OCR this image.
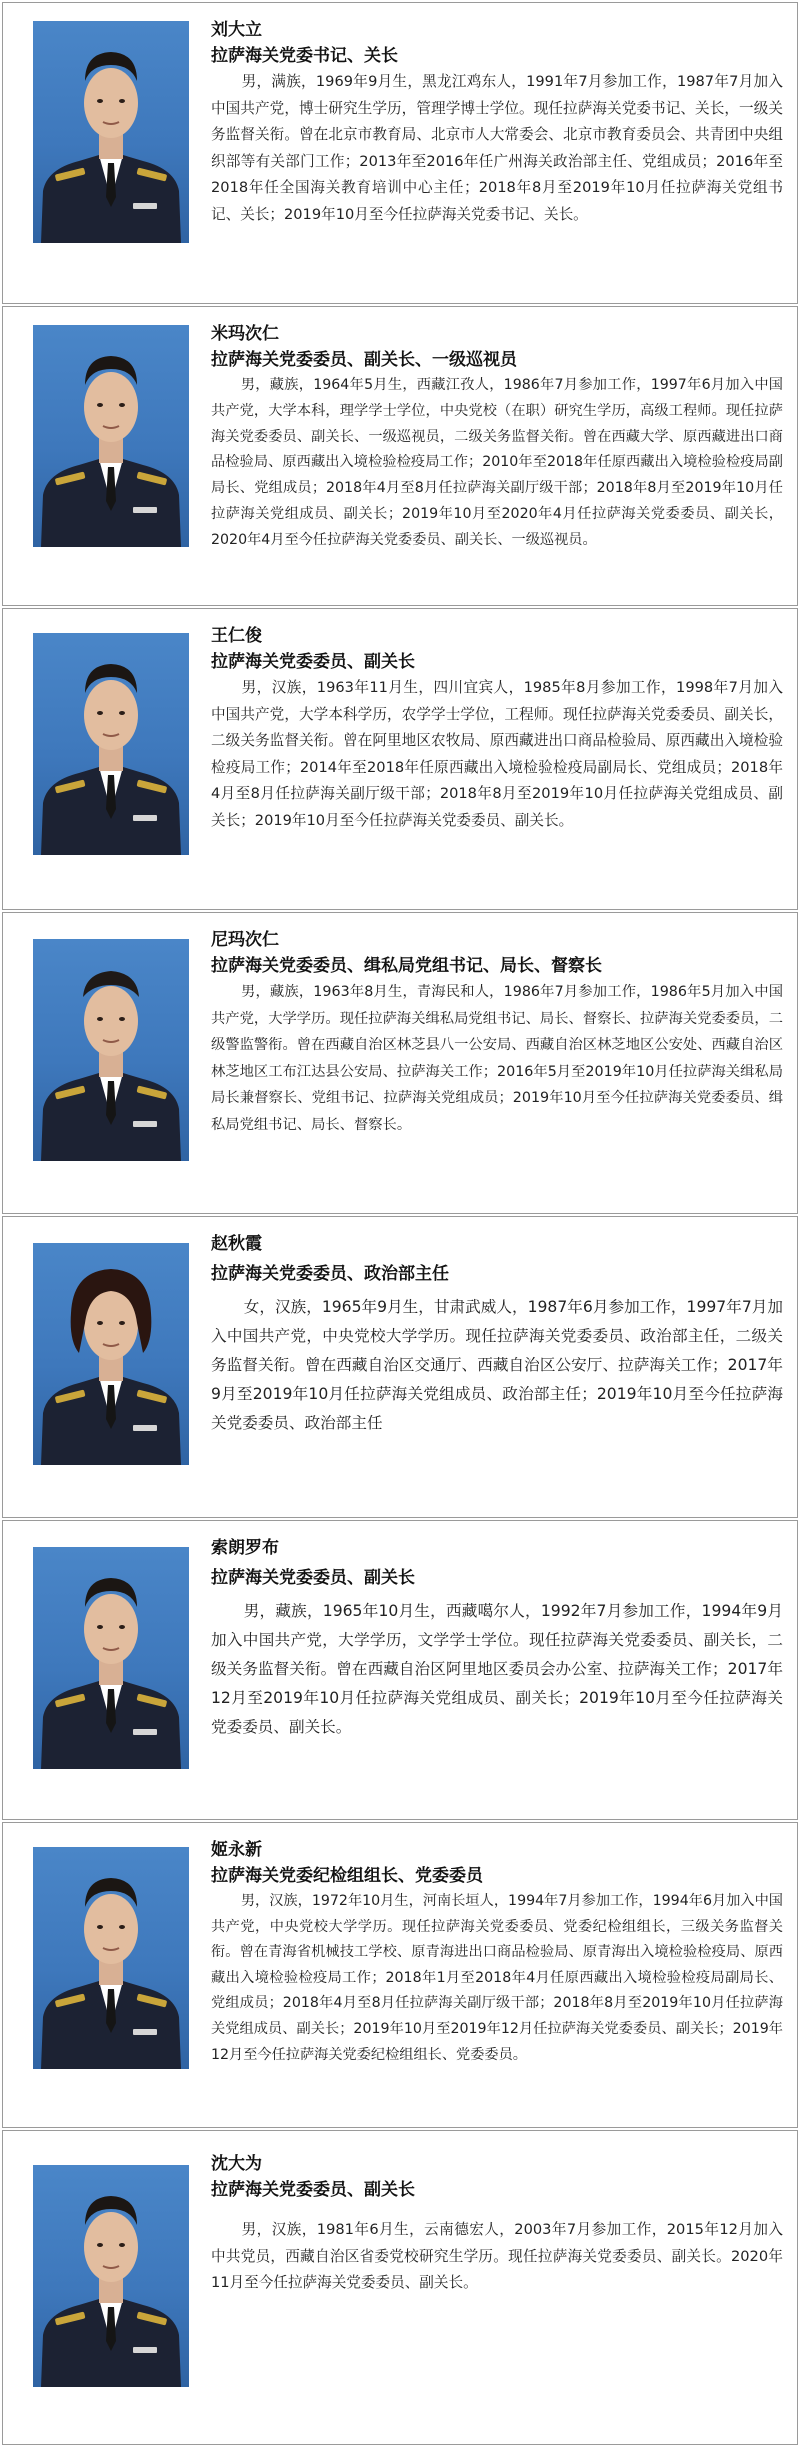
刘大立
拉萨海关党委书记、关长
男，满族，1969年9月生，黑龙江鸡东人，1991年7月参加工作，1987年7月加入中国共产党，博士研究生学历，管理学博士学位。现任拉萨海关党委书记、关长，一级关务监督关衔。曾在北京市教育局、北京市人大常委会、北京市教育委员会、共青团中央组织部等有关部门工作；2013年至2016年任广州海关政治部主任、党组成员；2016年至2018年任全国海关教育培训中心主任；2018年8月至2019年10月任拉萨海关党组书记、关长；2019年10月至今任拉萨海关党委书记、关长。
米玛次仁
拉萨海关党委委员、副关长、一级巡视员
男，藏族，1964年5月生，西藏江孜人，1986年7月参加工作，1997年6月加入中国共产党，大学本科，理学学士学位，中央党校（在职）研究生学历，高级工程师。现任拉萨海关党委委员、副关长、一级巡视员，二级关务监督关衔。曾在西藏大学、原西藏进出口商品检验局、原西藏出入境检验检疫局工作；2010年至2018年任原西藏出入境检验检疫局副局长、党组成员；2018年4月至8月任拉萨海关副厅级干部；2018年8月至2019年10月任拉萨海关党组成员、副关长；2019年10月至2020年4月任拉萨海关党委委员、副关长，2020年4月至今任拉萨海关党委委员、副关长、一级巡视员。
王仁俊
拉萨海关党委委员、副关长
男，汉族，1963年11月生，四川宜宾人，1985年8月参加工作，1998年7月加入中国共产党，大学本科学历，农学学士学位，工程师。现任拉萨海关党委委员、副关长，二级关务监督关衔。曾在阿里地区农牧局、原西藏进出口商品检验局、原西藏出入境检验检疫局工作；2014年至2018年任原西藏出入境检验检疫局副局长、党组成员；2018年4月至8月任拉萨海关副厅级干部；2018年8月至2019年10月任拉萨海关党组成员、副关长；2019年10月至今任拉萨海关党委委员、副关长。
尼玛次仁
拉萨海关党委委员、缉私局党组书记、局长、督察长
男，藏族，1963年8月生，青海民和人，1986年7月参加工作，1986年5月加入中国共产党，大学学历。现任拉萨海关缉私局党组书记、局长、督察长、拉萨海关党委委员，二级警监警衔。曾在西藏自治区林芝县八一公安局、西藏自治区林芝地区公安处、西藏自治区林芝地区工布江达县公安局、拉萨海关工作；2016年5月至2019年10月任拉萨海关缉私局局长兼督察长、党组书记、拉萨海关党组成员；2019年10月至今任拉萨海关党委委员、缉私局党组书记、局长、督察长。
赵秋霞
拉萨海关党委委员、政治部主任
女，汉族，1965年9月生，甘肃武威人，1987年6月参加工作，1997年7月加入中国共产党，中央党校大学学历。现任拉萨海关党委委员、政治部主任，二级关务监督关衔。曾在西藏自治区交通厅、西藏自治区公安厅、拉萨海关工作；2017年9月至2019年10月任拉萨海关党组成员、政治部主任；2019年10月至今任拉萨海关党委委员、政治部主任
索朗罗布
拉萨海关党委委员、副关长
男，藏族，1965年10月生，西藏噶尔人，1992年7月参加工作，1994年9月加入中国共产党，大学学历，文学学士学位。现任拉萨海关党委委员、副关长，二级关务监督关衔。曾在西藏自治区阿里地区委员会办公室、拉萨海关工作；2017年12月至2019年10月任拉萨海关党组成员、副关长；2019年10月至今任拉萨海关党委委员、副关长。
姬永新
拉萨海关党委纪检组组长、党委委员
男，汉族，1972年10月生，河南长垣人，1994年7月参加工作，1994年6月加入中国共产党，中央党校大学学历。现任拉萨海关党委委员、党委纪检组组长，三级关务监督关衔。曾在青海省机械技工学校、原青海进出口商品检验局、原青海出入境检验检疫局、原西藏出入境检验检疫局工作；2018年1月至2018年4月任原西藏出入境检验检疫局副局长、党组成员；2018年4月至8月任拉萨海关副厅级干部；2018年8月至2019年10月任拉萨海关党组成员、副关长；2019年10月至2019年12月任拉萨海关党委委员、副关长；2019年12月至今任拉萨海关党委纪检组组长、党委委员。
沈大为
拉萨海关党委委员、副关长
男，汉族，1981年6月生，云南德宏人，2003年7月参加工作，2015年12月加入中共党员，西藏自治区省委党校研究生学历。现任拉萨海关党委委员、副关长。2020年11月至今任拉萨海关党委委员、副关长。
